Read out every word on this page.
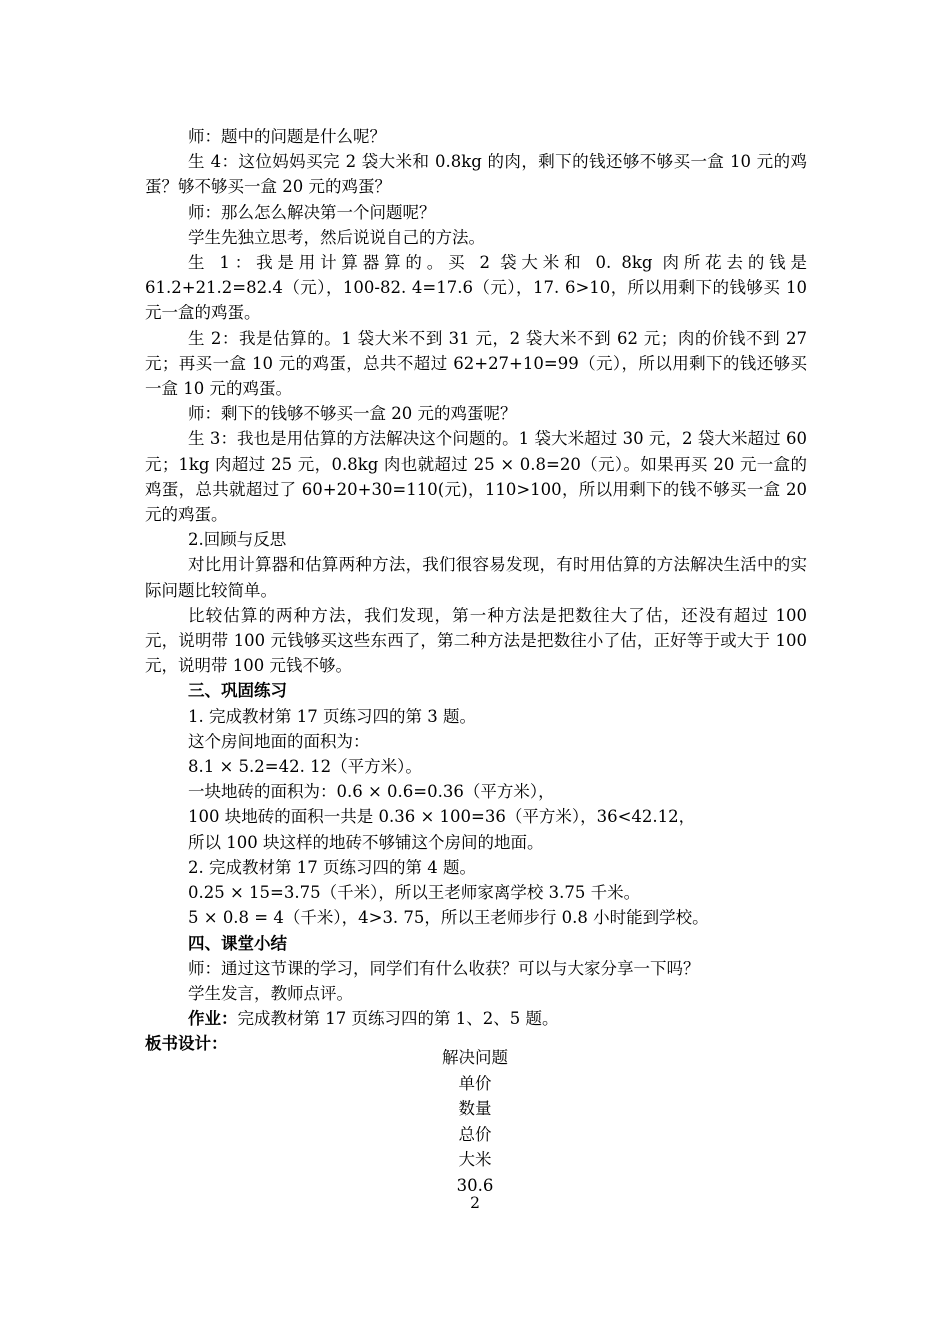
师：题中的问题是什么呢？
生 4：这位妈妈买完 2 袋大米和 0.8kg 的肉，剩下的钱还够不够买一盒 10 元的鸡蛋？够不够买一盒 20 元的鸡蛋？
师：那么怎么解决第一个问题呢？
学生先独立思考，然后说说自己的方法。
生 1：我是用计算器算的。买 2 袋大米和 0. 8kg 肉所花去的钱是 61.2+21.2=82.4（元），100-82. 4=17.6（元），17. 6>10，所以用剩下的钱够买 10 元一盒的鸡蛋。
生 2：我是估算的。1 袋大米不到 31 元，2 袋大米不到 62 元；肉的价钱不到 27 元；再买一盒 10 元的鸡蛋，总共不超过 62+27+10=99（元），所以用剩下的钱还够买一盒 10 元的鸡蛋。
师：剩下的钱够不够买一盒 20 元的鸡蛋呢？
生 3：我也是用估算的方法解决这个问题的。1 袋大米超过 30 元，2 袋大米超过 60 元；1kg 肉超过 25 元，0.8kg 肉也就超过 25 × 0.8=20（元）。如果再买 20 元一盒的鸡蛋，总共就超过了 60+20+30=110(元)，110>100，所以用剩下的钱不够买一盒 20 元的鸡蛋。
2.回顾与反思
对比用计算器和估算两种方法，我们很容易发现，有时用估算的方法解决生活中的实际问题比较简单。
比较估算的两种方法，我们发现，第一种方法是把数往大了估，还没有超过 100 元，说明带 100 元钱够买这些东西了，第二种方法是把数往小了估，正好等于或大于 100 元，说明带 100 元钱不够。
三、巩固练习
1. 完成教材第 17 页练习四的第 3 题。
这个房间地面的面积为：
8.1 × 5.2=42. 12（平方米）。
一块地砖的面积为：0.6 × 0.6=0.36（平方米），
100 块地砖的面积一共是 0.36 × 100=36（平方米），36<42.12，
所以 100 块这样的地砖不够铺这个房间的地面。
2. 完成教材第 17 页练习四的第 4 题。
0.25 × 15=3.75（千米），所以王老师家离学校 3.75 千米。
5 × 0.8 = 4（千米），4>3. 75，所以王老师步行 0.8 小时能到学校。
四、课堂小结
师：通过这节课的学习，同学们有什么收获？可以与大家分享一下吗？
学生发言，教师点评。
作业：完成教材第 17 页练习四的第 1、2、5 题。
板书设计：
解决问题
单价
数量
总价
大米
30.6
2
